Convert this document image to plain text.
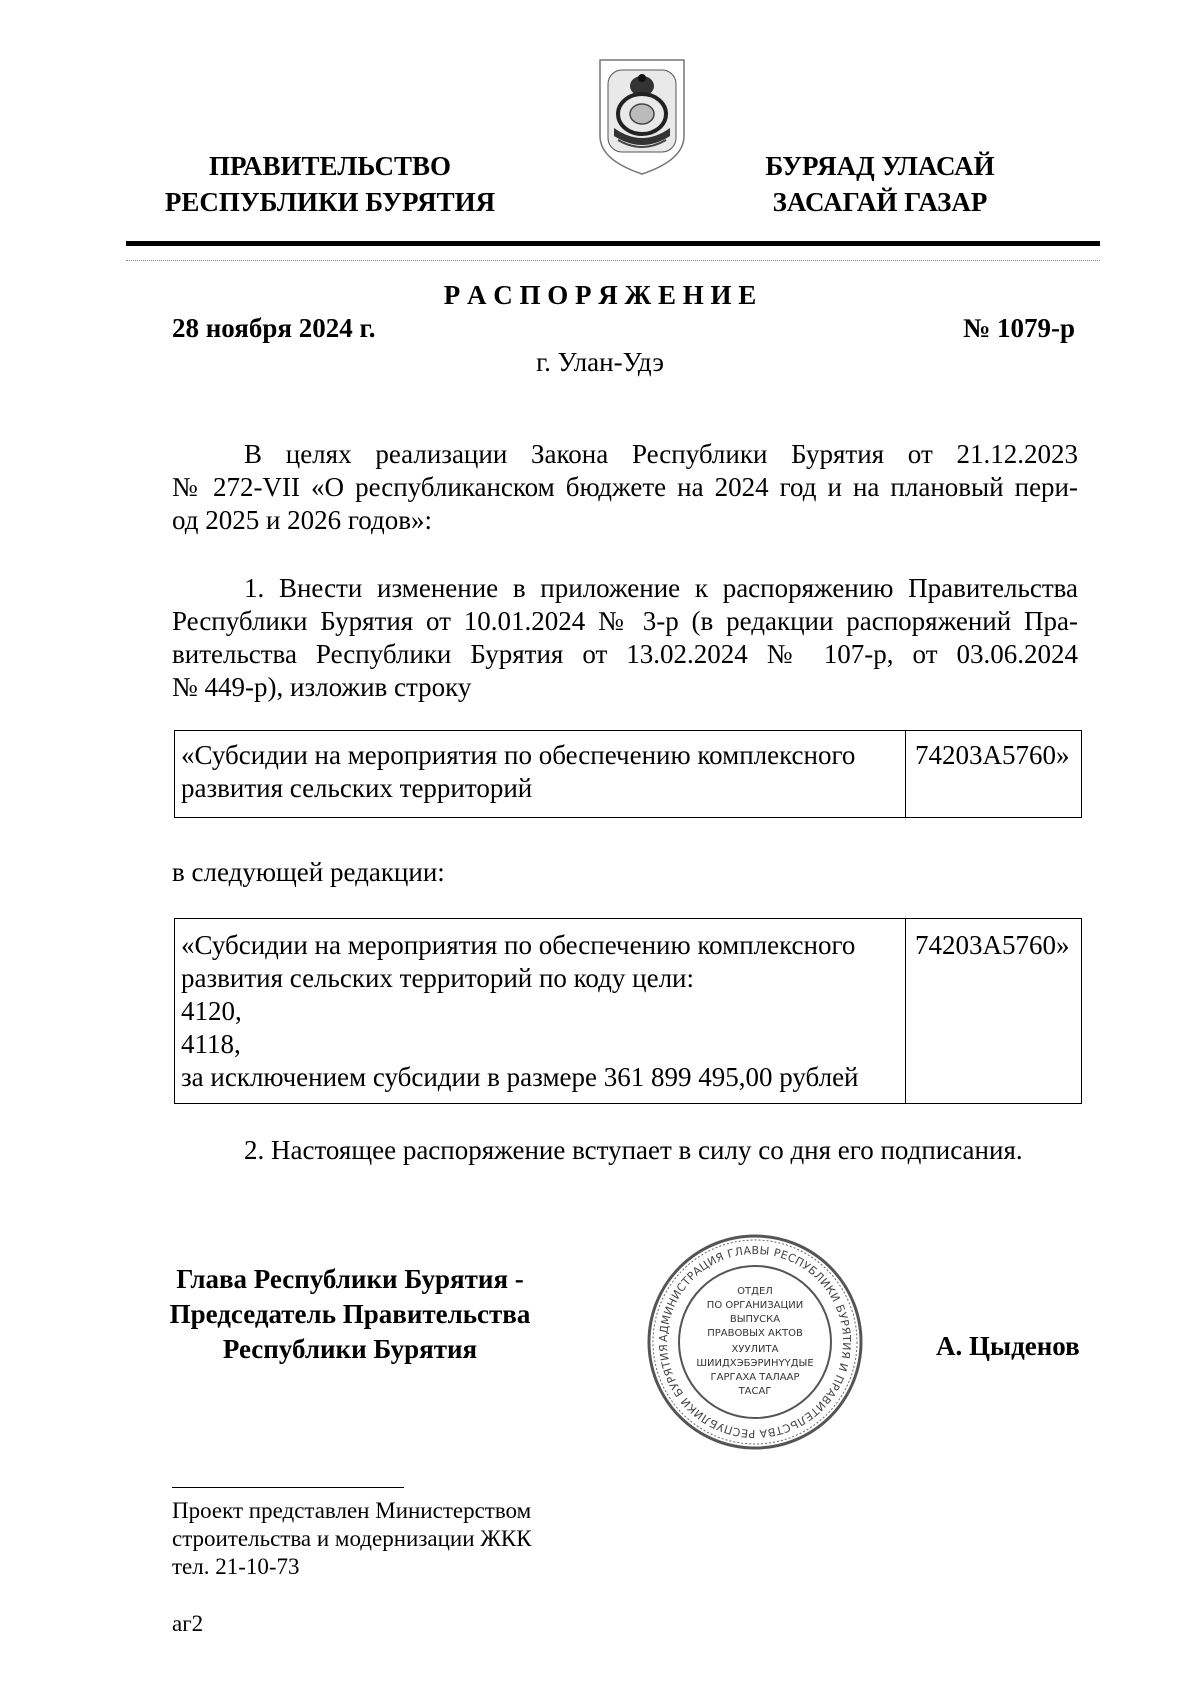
ПРАВИТЕЛЬСТВО
РЕСПУБЛИКИ БУРЯТИЯ
БУРЯАД УЛАСАЙ
ЗАСАГАЙ ГАЗАР
Р А С П О Р Я Ж Е Н И Е
28 ноября 2024 г.	№ 1079-р
г. Улан-Удэ
В целях реализации Закона Республики Бурятия от 21.12.2023
№ 272-VII «О республиканском бюджете на 2024 год и на плановый пери-
од 2025 и 2026 годов»:
1. Внести изменение в приложение к распоряжению Правительства
Республики Бурятия от 10.01.2024 № 3-р (в редакции распоряжений Пра-
вительства Республики Бурятия от 13.02.2024 № 107-р, от 03.06.2024
№ 449-р), изложив строку
«Субсидии на мероприятия по обеспечению комплексного
развития сельских территорий
74203A5760»
в следующей редакции:
«Субсидии на мероприятия по обеспечению комплексного
развития сельских территорий по коду цели:
4120,
4118,
за исключением субсидии в размере 361 899 495,00 рублей
74203A5760»
2. Настоящее распоряжение вступает в силу со дня его подписания.
Глава Республики Бурятия -
Председатель Правительства
Республики Бурятия	А. Цыденов
АДМИНИСТРАЦИЯ ГЛАВЫ РЕСПУБЛИКИ БУРЯТИЯ И ПРАВИТЕЛЬСТВА РЕСПУБЛИКИ БУРЯТИЯ
ОТДЕЛ
ПО ОРГАНИЗАЦИИ
ВЫПУСКА
ПРАВОВЫХ АКТОВ
ХУУЛИТА
ШИИДХЭБЭРИНҮҮДЫЕ
ГАРГАХА ТАЛААР
ТАСАГ
Проект представлен Министерством
строительства и модернизации ЖКК
тел. 21-10-73
аг2
